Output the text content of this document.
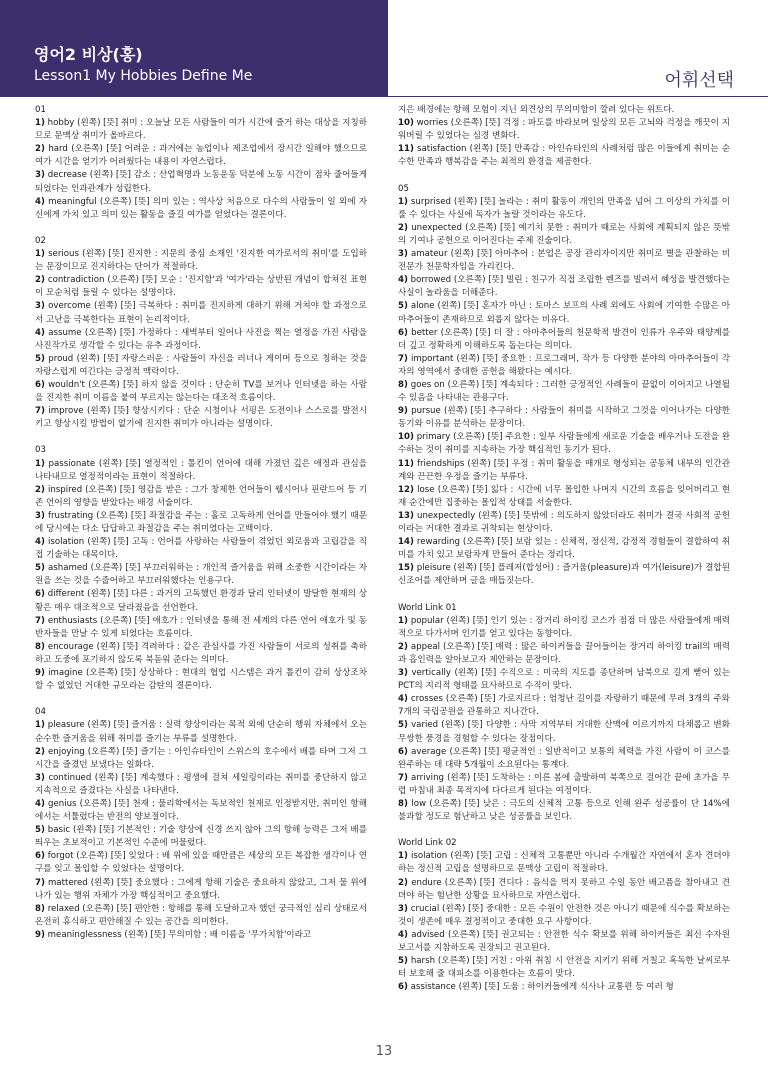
영어2 비상(홍)
Lesson1 My Hobbies Define Me	어휘선택
01
1) hobby (왼쪽) [뜻] 취미 : 오늘날 모든 사람들이 여가 시간에 즐거 하는 대상을 지칭하므로 문맥상 취미가 올바르다.
2) hard (오른쪽) [뜻] 어려운 : 과거에는 농업이나 제조업에서 장시간 일해야 했으므로 여가 시간을 얻기가 어려웠다는 내용이 자연스럽다.
3) decrease (왼쪽) [뜻] 감소 : 산업혁명과 노동운동 덕분에 노동 시간이 점차 줄어들게 되었다는 인과관계가 성립한다.
4) meaningful (오른쪽) [뜻] 의미 있는 : 역사상 처음으로 다수의 사람들이 일 외에 자신에게 가치 있고 의미 있는 활동을 즐길 여가를 얻었다는 결론이다.
02
1) serious (왼쪽) [뜻] 진지한 : 지문의 중심 소재인 '진지한 여가로서의 취미'를 도입하는 문장이므로 진지하다는 단어가 적절하다.
2) contradiction (오른쪽) [뜻] 모순 : '진지함'과 '여가'라는 상반된 개념이 합쳐진 표현이 모순처럼 들릴 수 있다는 설명이다.
3) overcome (왼쪽) [뜻] 극복하다 : 취미를 진지하게 대하기 위해 거쳐야 할 과정으로서 고난을 극복한다는 표현이 논리적이다.
4) assume (오른쪽) [뜻] 가정하다 : 새벽부터 일어나 사진을 찍는 열정을 가진 사람을 사진작가로 생각할 수 있다는 유추 과정이다.
5) proud (왼쪽) [뜻] 자랑스러운 : 사람들이 자신을 러너나 게이머 등으로 칭하는 것을 자랑스럽게 여긴다는 긍정적 맥락이다.
6) wouldn't (오른쪽) [뜻] 하지 않을 것이다 : 단순히 TV를 보거나 인터넷을 하는 사람을 진지한 취미 이름을 붙여 부르지는 않는다는 대조적 흐름이다.
7) improve (왼쪽) [뜻] 향상시키다 : 단순 시청이나 서핑은 도전이나 스스로를 발전시키고 향상시킬 방법이 없기에 진지한 취미가 아니라는 설명이다.
03
1) passionate (왼쪽) [뜻] 열정적인 : 톨킨이 언어에 대해 가졌던 깊은 애정과 관심을 나타내므로 열정적이라는 표현이 적절하다.
2) inspired (오른쪽) [뜻] 영감을 받은 : 그가 창제한 언어들이 웰시어나 핀란드어 등 기존 언어의 영향을 받았다는 배경 서술이다.
3) frustrating (오른쪽) [뜻] 좌절감을 주는 : 홀로 고독하게 언어를 만들어야 했기 때문에 당시에는 다소 답답하고 좌절감을 주는 취미였다는 고백이다.
4) isolation (왼쪽) [뜻] 고독 : 언어를 사랑하는 사람들이 겪었던 외로움과 고립감을 직접 기술하는 대목이다.
5) ashamed (오른쪽) [뜻] 부끄러워하는 : 개인적 즐거움을 위해 소중한 시간이라는 자원을 쓰는 것을 수줍어하고 부끄러워했다는 인용구다.
6) different (왼쪽) [뜻] 다른 : 과거의 고독했던 환경과 달리 인터넷이 발달한 현재의 상황은 매우 대조적으로 달라졌음을 선언한다.
7) enthusiasts (오른쪽) [뜻] 애호가 : 인터넷을 통해 전 세계의 다른 언어 애호가 및 동반자들을 만날 수 있게 되었다는 흐름이다.
8) encourage (왼쪽) [뜻] 격려하다 : 같은 관심사를 가진 사람들이 서로의 성취를 축하하고 도중에 포기하지 않도록 북돋워 준다는 의미다.
9) imagine (오른쪽) [뜻] 상상하다 : 현대의 협업 시스템은 과거 톨킨이 감히 상상조차 할 수 없었던 거대한 규모라는 감탄의 결론이다.
04
1) pleasure (왼쪽) [뜻] 즐거움 : 실력 향상이라는 목적 외에 단순히 행위 자체에서 오는 순수한 즐거움을 위해 취미를 즐기는 부류를 설명한다.
2) enjoying (오른쪽) [뜻] 즐기는 : 아인슈타인이 스위스의 호수에서 배를 타며 그저 그 시간을 즐겼던 보냈다는 일화다.
3) continued (왼쪽) [뜻] 계속했다 : 평생에 걸쳐 세일링이라는 취미를 중단하지 않고 지속적으로 즐겼다는 사실을 나타낸다.
4) genius (오른쪽) [뜻] 천재 : 물리학에서는 독보적인 천재로 인정받지만, 취미인 항해에서는 서툴렀다는 반전의 양보절이다.
5) basic (왼쪽) [뜻] 기본적인 : 기술 향상에 신경 쓰지 않아 그의 항해 능력은 그저 배를 띄우는 초보적이고 기본적인 수준에 머물렀다.
6) forgot (오른쪽) [뜻] 잊었다 : 배 위에 있을 때만큼은 세상의 모든 복잡한 생각이나 연구를 잊고 몰입할 수 있었다는 설명이다.
7) mattered (왼쪽) [뜻] 중요했다 : 그에게 항해 기술은 중요하지 않았고, 그저 물 위에 나가 있는 행위 자체가 가장 핵심적이고 중요했다.
8) relaxed (오른쪽) [뜻] 편안한 : 항해를 통해 도달하고자 했던 궁극적인 심리 상태로서 온전히 휴식하고 편안해질 수 있는 공간을 의미한다.
9) meaninglessness (왼쪽) [뜻] 무의미함 : 배 이름을 '무가치함'이라고
지은 배경에는 항해 모험이 지닌 외견상의 무의미함이 깔려 있다는 위트다.
10) worries (오른쪽) [뜻] 걱정 : 파도를 바라보며 일상의 모든 고뇌와 걱정을 깨끗이 지워버릴 수 있었다는 심경 변화다.
11) satisfaction (왼쪽) [뜻] 만족감 : 아인슈타인의 사례처럼 많은 이들에게 취미는 순수한 만족과 행복감을 주는 최적의 환경을 제공한다.
05
1) surprised (왼쪽) [뜻] 놀라는 : 취미 활동이 개인의 만족을 넘어 그 이상의 가치를 이룰 수 있다는 사실에 독자가 놀랄 것이라는 유도다.
2) unexpected (오른쪽) [뜻] 예기치 못한 : 취미가 때로는 사회에 계획되지 않은 뜻밖의 기여나 공헌으로 이어진다는 주제 진술이다.
3) amateur (왼쪽) [뜻] 아마추어 : 본업은 공장 관리자이지만 취미로 별을 관찰하는 비전문가 천문학자임을 가리킨다.
4) borrowed (오른쪽) [뜻] 빌린 : 친구가 직접 조립한 렌즈를 빌려서 혜성을 발견했다는 사실이 놀라움을 더해준다.
5) alone (왼쪽) [뜻] 혼자가 아닌 : 토마스 보프의 사례 외에도 사회에 기여한 수많은 아마추어들이 존재하므로 외롭지 않다는 비유다.
6) better (오른쪽) [뜻] 더 잘 : 아마추어들의 천문학적 발견이 인류가 우주와 태양계를 더 깊고 정확하게 이해하도록 돕는다는 의미다.
7) important (왼쪽) [뜻] 중요한 : 프로그래머, 작가 등 다양한 분야의 아마추어들이 각자의 영역에서 중대한 공헌을 해왔다는 예시다.
8) goes on (오른쪽) [뜻] 계속되다 : 그러한 긍정적인 사례들이 끝없이 이어지고 나열될 수 있음을 나타내는 관용구다.
9) pursue (왼쪽) [뜻] 추구하다 : 사람들이 취미를 시작하고 그것을 이어나가는 다양한 동기와 이유를 분석하는 문장이다.
10) primary (오른쪽) [뜻] 주요한 : 일부 사람들에게 새로운 기술을 배우거나 도전을 완수하는 것이 취미를 지속하는 가장 핵심적인 동기가 된다.
11) friendships (왼쪽) [뜻] 우정 : 취미 활동을 매개로 형성되는 공동체 내부의 인간관계와 끈끈한 우정을 즐기는 부류다.
12) lose (오른쪽) [뜻] 잃다 : 시간에 너무 몰입한 나머지 시간의 흐름을 잊어버리고 현재 순간에만 집중하는 몰입적 상태를 서술한다.
13) unexpectedly (왼쪽) [뜻] 뜻밖에 : 의도하지 않았더라도 취미가 결국 사회적 공헌이라는 거대한 결과로 귀착되는 현상이다.
14) rewarding (오른쪽) [뜻] 보람 있는 : 신체적, 정신적, 감정적 경험들이 결합하여 취미를 가치 있고 보람차게 만들어 준다는 정리다.
15) pleisure (왼쪽) [뜻] 플레저(합성어) : 즐거움(pleasure)과 여가(leisure)가 결합된 신조어를 제안하며 글을 매듭짓는다.
World Link 01
1) popular (왼쪽) [뜻] 인기 있는 : 장거리 하이킹 코스가 점점 더 많은 사람들에게 매력적으로 다가서며 인기를 얻고 있다는 동향이다.
2) appeal (오른쪽) [뜻] 매력 : 많은 하이커들을 끌어들이는 장거리 하이킹 trail의 매력과 흡인력을 알아보고자 제안하는 문장이다.
3) vertically (왼쪽) [뜻] 수직으로 : 미국의 지도를 종단하며 남북으로 길게 뻗어 있는 PCT의 지리적 형태를 묘사하므로 수직이 맞다.
4) crosses (오른쪽) [뜻] 가로지르다 : 엄청난 길이를 자랑하기 때문에 무려 3개의 주와 7개의 국립공원을 관통하고 지나간다.
5) varied (왼쪽) [뜻] 다양한 : 사막 지역부터 거대한 산맥에 이르기까지 다채롭고 변화무쌍한 풍경을 경험할 수 있다는 장점이다.
6) average (오른쪽) [뜻] 평균적인 : 일반적이고 보통의 체력을 가진 사람이 이 코스를 완주하는 데 대략 5개월이 소요된다는 통계다.
7) arriving (왼쪽) [뜻] 도착하는 : 이른 봄에 출발하여 북쪽으로 걸어간 끝에 초가을 무렵 마침내 최종 목적지에 다다르게 된다는 여정이다.
8) low (오른쪽) [뜻] 낮은 : 극도의 신체적 고통 등으로 인해 완주 성공률이 단 14%에 불과할 정도로 험난하고 낮은 성공률을 보인다.
World Link 02
1) isolation (왼쪽) [뜻] 고립 : 신체적 고통뿐만 아니라 수개월간 자연에서 혼자 견뎌야 하는 정신적 고립을 설명하므로 문맥상 고립이 적절하다.
2) endure (오른쪽) [뜻] 견디다 : 음식을 먹지 못하고 수일 동안 배고픔을 참아내고 견뎌야 하는 험난한 상황을 묘사하므로 자연스럽다.
3) crucial (왼쪽) [뜻] 중대한 : 모든 수원이 안전한 것은 아니기 때문에 식수를 확보하는 것이 생존에 매우 결정적이고 중대한 요구 사항이다.
4) advised (오른쪽) [뜻] 권고되는 : 안전한 식수 확보를 위해 하이커들은 최신 수자원 보고서를 지참하도록 권장되고 권고된다.
5) harsh (오른쪽) [뜻] 거친 : 아위 취침 시 안전을 지키기 위해 거칠고 혹독한 날씨로부터 보호해 줄 대피소를 이용한다는 흐름이 맞다.
6) assistance (왼쪽) [뜻] 도움 : 하이커들에게 식사나 교통편 등 여러 형
13
